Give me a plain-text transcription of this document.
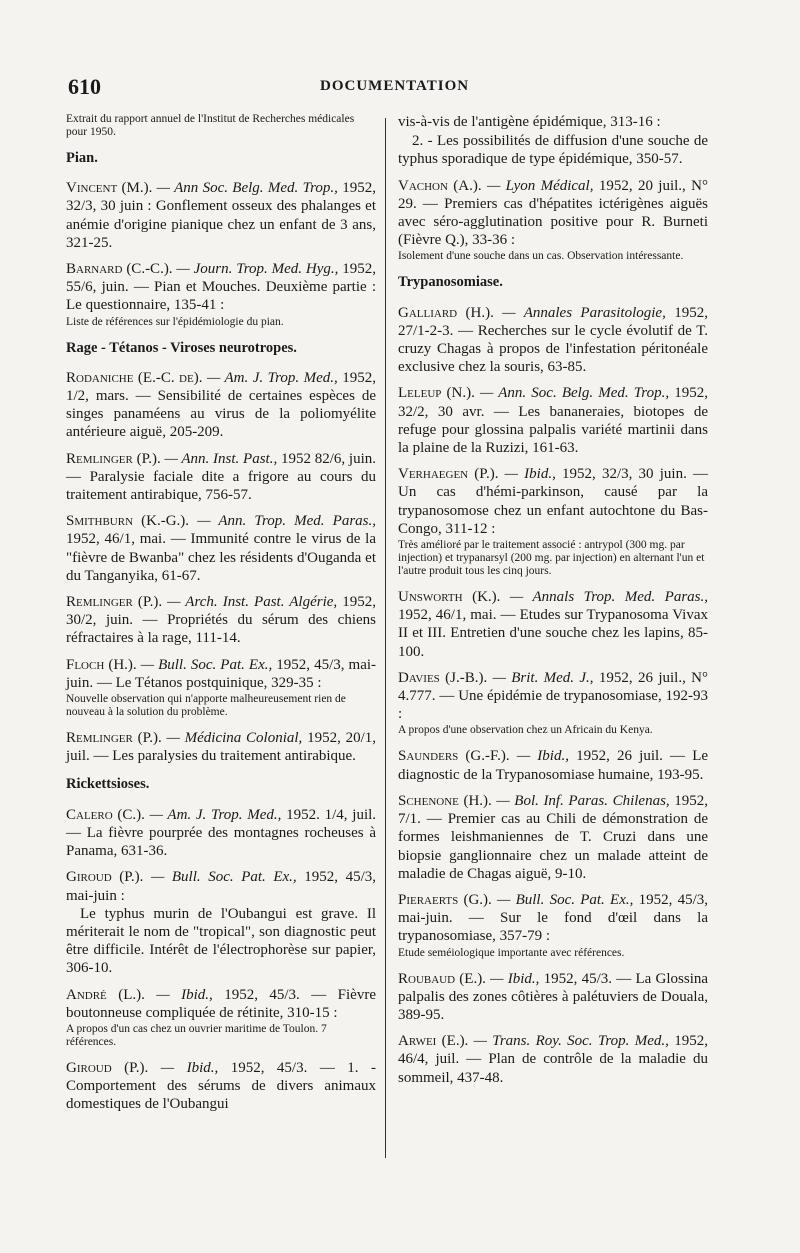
610	DOCUMENTATION

Extrait du rapport annuel de l'Institut de Recherches médicales pour 1950.

Pian.

Vincent (M.). — Ann Soc. Belg. Med. Trop., 1952, 32/3, 30 juin : Gonflement osseux des phalanges et anémie d'origine pianique chez un enfant de 3 ans, 321-25.

Barnard (C.-C.). — Journ. Trop. Med. Hyg., 1952, 55/6, juin. — Pian et Mouches. Deuxième partie : Le questionnaire, 135-41 :

Liste de références sur l'épidémiologie du pian.

Rage - Tétanos - Viroses neurotropes.

Rodaniche (E.-C. de). — Am. J. Trop. Med., 1952, 1/2, mars. — Sensibilité de certaines espèces de singes panaméens au virus de la poliomyélite antérieure aiguë, 205-209.

Remlinger (P.). — Ann. Inst. Past., 1952 82/6, juin. — Paralysie faciale dite a frigore au cours du traitement antirabique, 756-57.

Smithburn (K.-G.). — Ann. Trop. Med. Paras., 1952, 46/1, mai. — Immunité contre le virus de la "fièvre de Bwanba" chez les résidents d'Ouganda et du Tanganyika, 61-67.

Remlinger (P.). — Arch. Inst. Past. Algérie, 1952, 30/2, juin. — Propriétés du sérum des chiens réfractaires à la rage, 111-14.

Floch (H.). — Bull. Soc. Pat. Ex., 1952, 45/3, mai-juin. — Le Tétanos postquinique, 329-35 :

Nouvelle observation qui n'apporte malheureusement rien de nouveau à la solution du problème.

Remlinger (P.). — Médicina Colonial, 1952, 20/1, juil. — Les paralysies du traitement antirabique.

Rickettsioses.

Calero (C.). — Am. J. Trop. Med., 1952. 1/4, juil. — La fièvre pourprée des montagnes rocheuses à Panama, 631-36.

Giroud (P.). — Bull. Soc. Pat. Ex., 1952, 45/3, mai-juin :
Le typhus murin de l'Oubangui est grave. Il mériterait le nom de "tropical", son diagnostic peut être difficile. Intérêt de l'électrophorèse sur papier, 306-10.

André (L.). — Ibid., 1952, 45/3. — Fièvre boutonneuse compliquée de rétinite, 310-15 :

A propos d'un cas chez un ouvrier maritime de Toulon. 7 références.

Giroud (P.). — Ibid., 1952, 45/3. — 1. - Comportement des sérums de divers animaux domestiques de l'Oubangui

vis-à-vis de l'antigène épidémique, 313-16 :

2. - Les possibilités de diffusion d'une souche de typhus sporadique de type épidémique, 350-57.

Vachon (A.). — Lyon Médical, 1952, 20 juil., N° 29. — Premiers cas d'hépatites ictérigènes aiguës avec séro-agglutination positive pour R. Burneti (Fièvre Q.), 33-36 :

Isolement d'une souche dans un cas. Observation intéressante.

Trypanosomiase.

Galliard (H.). — Annales Parasitologie, 1952, 27/1-2-3. — Recherches sur le cycle évolutif de T. cruzy Chagas à propos de l'infestation péritonéale exclusive chez la souris, 63-85.

Leleup (N.). — Ann. Soc. Belg. Med. Trop., 1952, 32/2, 30 avr. — Les bananeraies, biotopes de refuge pour glossina palpalis variété martinii dans la plaine de la Ruzizi, 161-63.

Verhaegen (P.). — Ibid., 1952, 32/3, 30 juin. — Un cas d'hémi-parkinson, causé par la trypanosomose chez un enfant autochtone du Bas-Congo, 311-12 :

Très amélioré par le traitement associé : antrypol (300 mg. par injection) et trypanarsyl (200 mg. par injection) en alternant l'un et l'autre produit tous les cinq jours.

Unsworth (K.). — Annals Trop. Med. Paras., 1952, 46/1, mai. — Etudes sur Trypanosoma Vivax II et III. Entretien d'une souche chez les lapins, 85-100.

Davies (J.-B.). — Brit. Med. J., 1952, 26 juil., N° 4.777. — Une épidémie de trypanosomiase, 192-93 :

A propos d'une observation chez un Africain du Kenya.

Saunders (G.-F.). — Ibid., 1952, 26 juil. — Le diagnostic de la Trypanosomiase humaine, 193-95.

Schenone (H.). — Bol. Inf. Paras. Chilenas, 1952, 7/1. — Premier cas au Chili de démonstration de formes leishmaniennes de T. Cruzi dans une biopsie ganglionnaire chez un malade atteint de maladie de Chagas aiguë, 9-10.

Pieraerts (G.). — Bull. Soc. Pat. Ex., 1952, 45/3, mai-juin. — Sur le fond d'œil dans la trypanosomiase, 357-79 :

Etude seméiologique importante avec références.

Roubaud (E.). — Ibid., 1952, 45/3. — La Glossina palpalis des zones côtières à palétuviers de Douala, 389-95.

Arwei (E.). — Trans. Roy. Soc. Trop. Med., 1952, 46/4, juil. — Plan de contrôle de la maladie du sommeil, 437-48.
